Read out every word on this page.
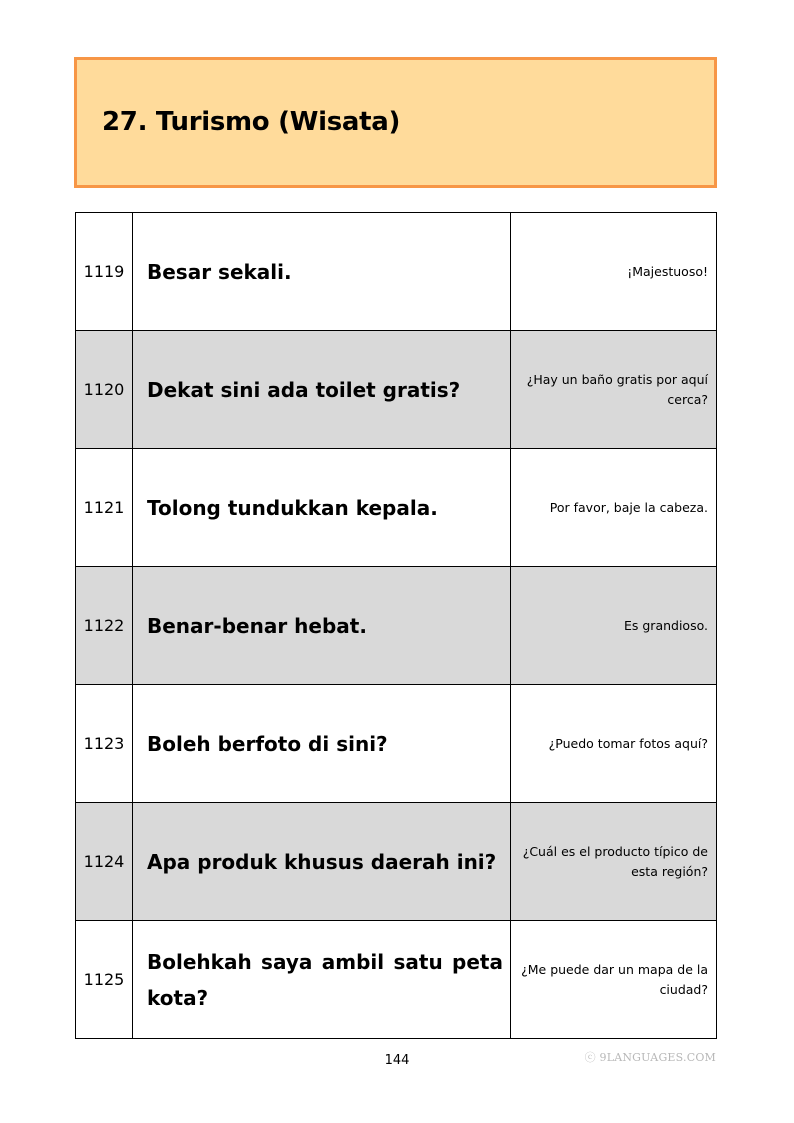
27. Turismo (Wisata)
1119	Besar sekali.	¡Majestuoso!
1120	Dekat sini ada toilet gratis?	¿Hay un baño gratis por aquí cerca?
1121	Tolong tundukkan kepala.	Por favor, baje la cabeza.
1122	Benar-benar hebat.	Es grandioso.
1123	Boleh berfoto di sini?	¿Puedo tomar fotos aquí?
1124	Apa produk khusus daerah ini?	¿Cuál es el producto típico de esta región?
1125	Bolehkah saya ambil satu peta kota?	¿Me puede dar un mapa de la ciudad?
144	ⓒ 9LANGUAGES.COM
